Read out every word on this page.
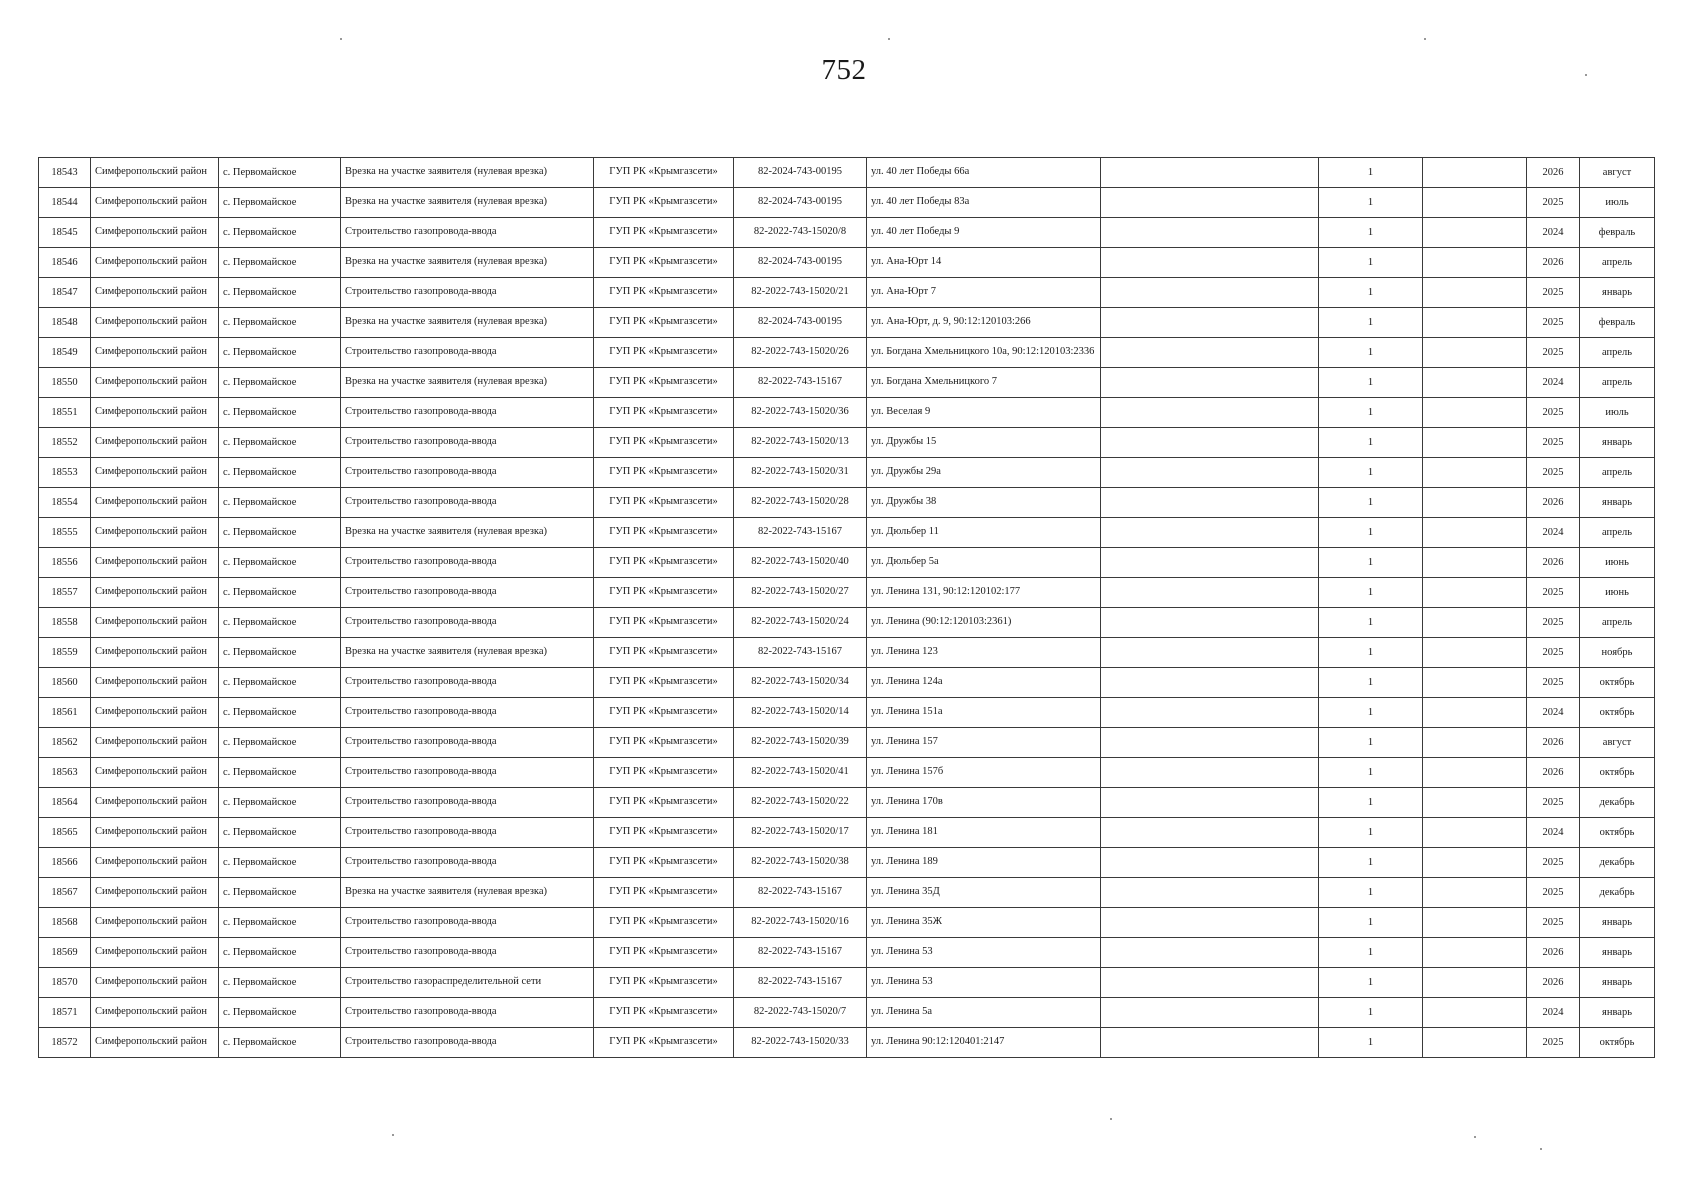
752
18543	Симферопольский район	с. Первомайское	Врезка на участке заявителя (нулевая врезка)	ГУП РК «Крымгазсети»	82-2024-743-00195	ул. 40 лет Победы 66а		1		2026	август
18544	Симферопольский район	с. Первомайское	Врезка на участке заявителя (нулевая врезка)	ГУП РК «Крымгазсети»	82-2024-743-00195	ул. 40 лет Победы 83а		1		2025	июль
18545	Симферопольский район	с. Первомайское	Строительство газопровода-ввода	ГУП РК «Крымгазсети»	82-2022-743-15020/8	ул. 40 лет Победы 9		1		2024	февраль
18546	Симферопольский район	с. Первомайское	Врезка на участке заявителя (нулевая врезка)	ГУП РК «Крымгазсети»	82-2024-743-00195	ул. Ана-Юрт 14		1		2026	апрель
18547	Симферопольский район	с. Первомайское	Строительство газопровода-ввода	ГУП РК «Крымгазсети»	82-2022-743-15020/21	ул. Ана-Юрт 7		1		2025	январь
18548	Симферопольский район	с. Первомайское	Врезка на участке заявителя (нулевая врезка)	ГУП РК «Крымгазсети»	82-2024-743-00195	ул. Ана-Юрт, д. 9, 90:12:120103:266		1		2025	февраль
18549	Симферопольский район	с. Первомайское	Строительство газопровода-ввода	ГУП РК «Крымгазсети»	82-2022-743-15020/26	ул. Богдана Хмельницкого 10а, 90:12:120103:2336		1		2025	апрель
18550	Симферопольский район	с. Первомайское	Врезка на участке заявителя (нулевая врезка)	ГУП РК «Крымгазсети»	82-2022-743-15167	ул. Богдана Хмельницкого 7		1		2024	апрель
18551	Симферопольский район	с. Первомайское	Строительство газопровода-ввода	ГУП РК «Крымгазсети»	82-2022-743-15020/36	ул. Веселая 9		1		2025	июль
18552	Симферопольский район	с. Первомайское	Строительство газопровода-ввода	ГУП РК «Крымгазсети»	82-2022-743-15020/13	ул. Дружбы 15		1		2025	январь
18553	Симферопольский район	с. Первомайское	Строительство газопровода-ввода	ГУП РК «Крымгазсети»	82-2022-743-15020/31	ул. Дружбы 29а		1		2025	апрель
18554	Симферопольский район	с. Первомайское	Строительство газопровода-ввода	ГУП РК «Крымгазсети»	82-2022-743-15020/28	ул. Дружбы 38		1		2026	январь
18555	Симферопольский район	с. Первомайское	Врезка на участке заявителя (нулевая врезка)	ГУП РК «Крымгазсети»	82-2022-743-15167	ул. Дюльбер 11		1		2024	апрель
18556	Симферопольский район	с. Первомайское	Строительство газопровода-ввода	ГУП РК «Крымгазсети»	82-2022-743-15020/40	ул. Дюльбер 5а		1		2026	июнь
18557	Симферопольский район	с. Первомайское	Строительство газопровода-ввода	ГУП РК «Крымгазсети»	82-2022-743-15020/27	ул. Ленина 131, 90:12:120102:177		1		2025	июнь
18558	Симферопольский район	с. Первомайское	Строительство газопровода-ввода	ГУП РК «Крымгазсети»	82-2022-743-15020/24	ул. Ленина (90:12:120103:2361)		1		2025	апрель
18559	Симферопольский район	с. Первомайское	Врезка на участке заявителя (нулевая врезка)	ГУП РК «Крымгазсети»	82-2022-743-15167	ул. Ленина 123		1		2025	ноябрь
18560	Симферопольский район	с. Первомайское	Строительство газопровода-ввода	ГУП РК «Крымгазсети»	82-2022-743-15020/34	ул. Ленина 124а		1		2025	октябрь
18561	Симферопольский район	с. Первомайское	Строительство газопровода-ввода	ГУП РК «Крымгазсети»	82-2022-743-15020/14	ул. Ленина 151а		1		2024	октябрь
18562	Симферопольский район	с. Первомайское	Строительство газопровода-ввода	ГУП РК «Крымгазсети»	82-2022-743-15020/39	ул. Ленина 157		1		2026	август
18563	Симферопольский район	с. Первомайское	Строительство газопровода-ввода	ГУП РК «Крымгазсети»	82-2022-743-15020/41	ул. Ленина 157б		1		2026	октябрь
18564	Симферопольский район	с. Первомайское	Строительство газопровода-ввода	ГУП РК «Крымгазсети»	82-2022-743-15020/22	ул. Ленина 170в		1		2025	декабрь
18565	Симферопольский район	с. Первомайское	Строительство газопровода-ввода	ГУП РК «Крымгазсети»	82-2022-743-15020/17	ул. Ленина 181		1		2024	октябрь
18566	Симферопольский район	с. Первомайское	Строительство газопровода-ввода	ГУП РК «Крымгазсети»	82-2022-743-15020/38	ул. Ленина 189		1		2025	декабрь
18567	Симферопольский район	с. Первомайское	Врезка на участке заявителя (нулевая врезка)	ГУП РК «Крымгазсети»	82-2022-743-15167	ул. Ленина 35Д		1		2025	декабрь
18568	Симферопольский район	с. Первомайское	Строительство газопровода-ввода	ГУП РК «Крымгазсети»	82-2022-743-15020/16	ул. Ленина 35Ж		1		2025	январь
18569	Симферопольский район	с. Первомайское	Строительство газопровода-ввода	ГУП РК «Крымгазсети»	82-2022-743-15167	ул. Ленина 53		1		2026	январь
18570	Симферопольский район	с. Первомайское	Строительство газораспределительной сети	ГУП РК «Крымгазсети»	82-2022-743-15167	ул. Ленина 53		1		2026	январь
18571	Симферопольский район	с. Первомайское	Строительство газопровода-ввода	ГУП РК «Крымгазсети»	82-2022-743-15020/7	ул. Ленина 5а		1		2024	январь
18572	Симферопольский район	с. Первомайское	Строительство газопровода-ввода	ГУП РК «Крымгазсети»	82-2022-743-15020/33	ул. Ленина 90:12:120401:2147		1		2025	октябрь
